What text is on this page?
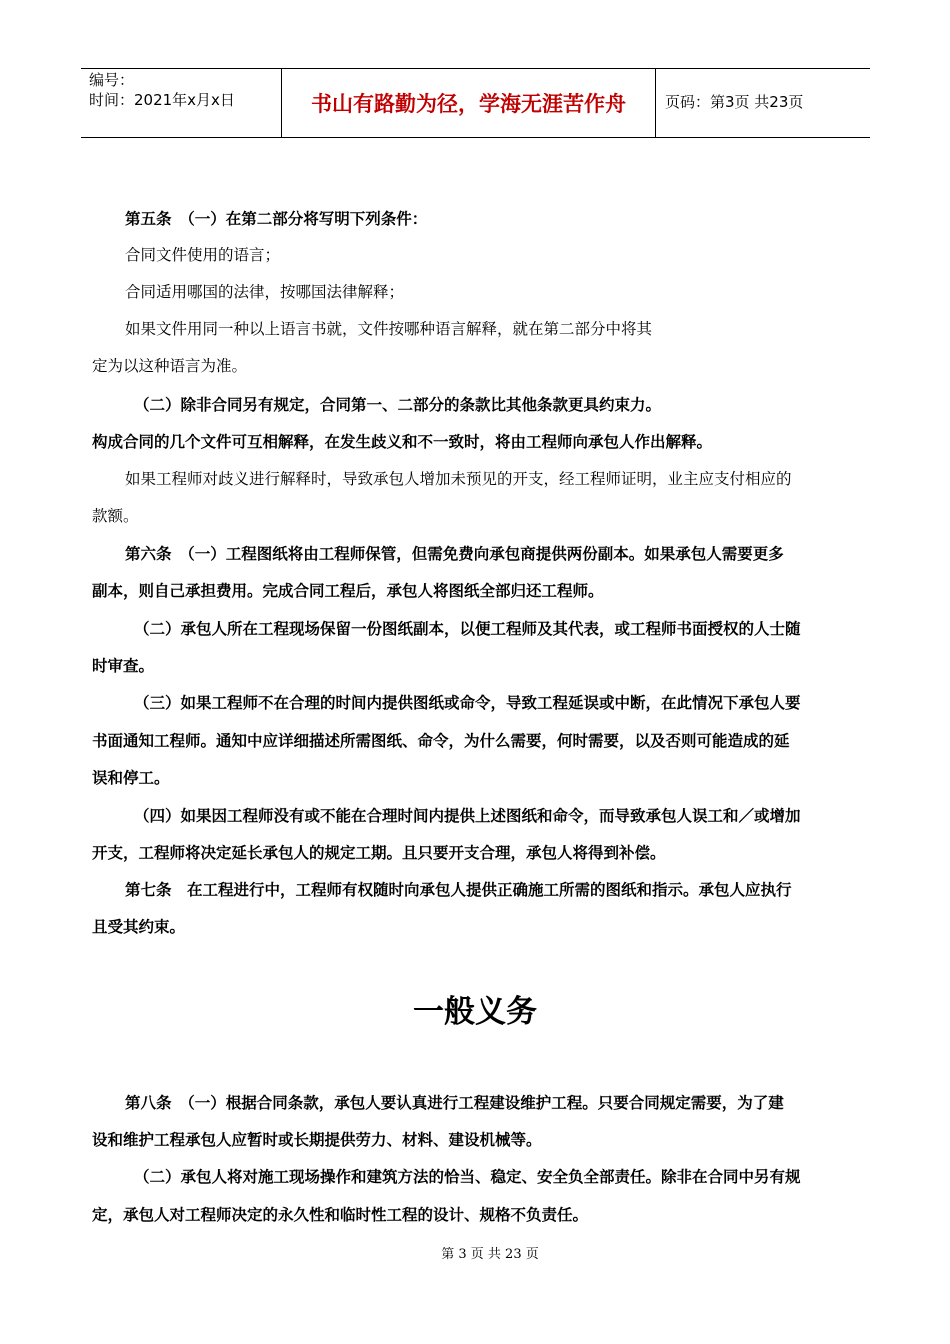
编号：
时间：2021年x月x日	书山有路勤为径，学海无涯苦作舟	页码：第3页 共23页
第五条　（一）在第二部分将写明下列条件：
合同文件使用的语言；
合同适用哪国的法律，按哪国法律解释；
如果文件用同一种以上语言书就，文件按哪种语言解释，就在第二部分中将其
定为以这种语言为准。
（二）除非合同另有规定，合同第一、二部分的条款比其他条款更具约束力。
构成合同的几个文件可互相解释，在发生歧义和不一致时，将由工程师向承包人作出解释。
如果工程师对歧义进行解释时，导致承包人增加未预见的开支，经工程师证明，业主应支付相应的
款额。
第六条　（一）工程图纸将由工程师保管，但需免费向承包商提供两份副本。如果承包人需要更多
副本，则自己承担费用。完成合同工程后，承包人将图纸全部归还工程师。
（二）承包人所在工程现场保留一份图纸副本，以便工程师及其代表，或工程师书面授权的人士随
时审查。
（三）如果工程师不在合理的时间内提供图纸或命令，导致工程延误或中断，在此情况下承包人要
书面通知工程师。通知中应详细描述所需图纸、命令，为什么需要，何时需要，以及否则可能造成的延
误和停工。
（四）如果因工程师没有或不能在合理时间内提供上述图纸和命令，而导致承包人误工和／或增加
开支，工程师将决定延长承包人的规定工期。且只要开支合理，承包人将得到补偿。
第七条　在工程进行中，工程师有权随时向承包人提供正确施工所需的图纸和指示。承包人应执行
且受其约束。
一般义务
第八条　（一）根据合同条款，承包人要认真进行工程建设维护工程。只要合同规定需要，为了建
设和维护工程承包人应暂时或长期提供劳力、材料、建设机械等。
（二）承包人将对施工现场操作和建筑方法的恰当、稳定、安全负全部责任。除非在合同中另有规
定，承包人对工程师决定的永久性和临时性工程的设计、规格不负责任。
第 3 页 共 23 页
